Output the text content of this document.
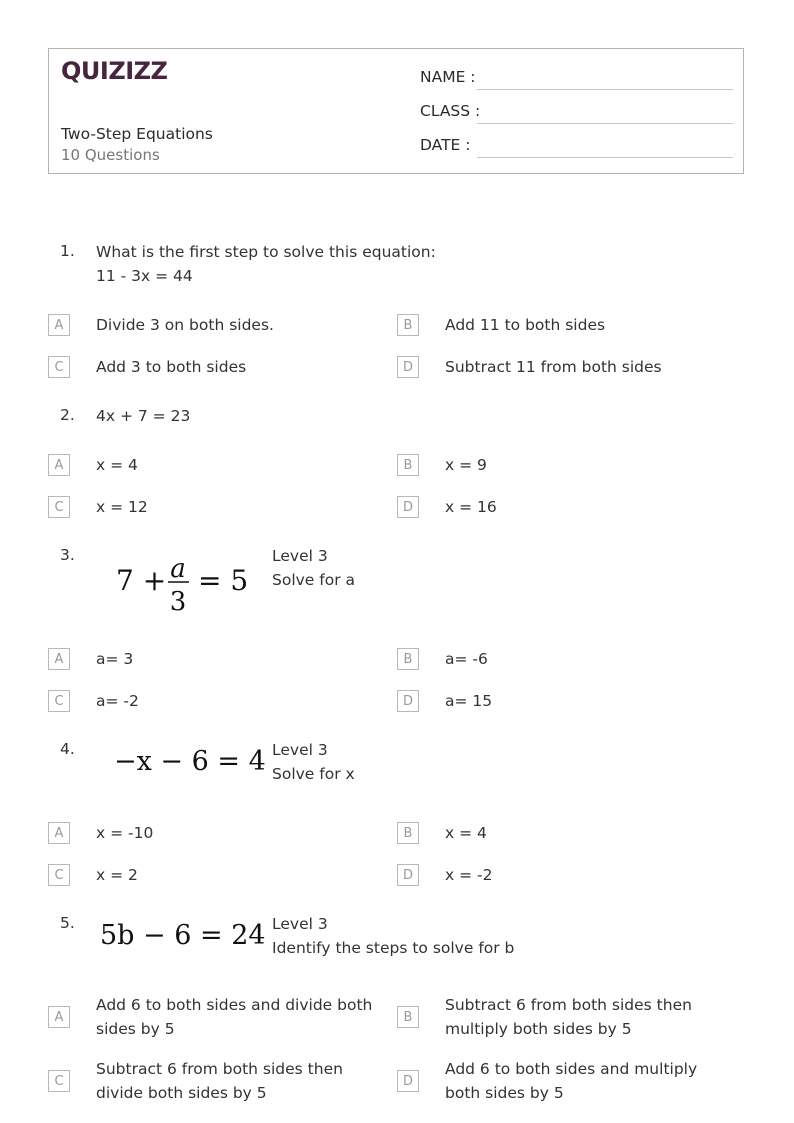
QUIZIZZ
Two-Step Equations
10 Questions
NAME :
CLASS :
DATE :
1. What is the first step to solve this equation:
11 - 3x = 44
A	Divide 3 on both sides.	B	Add 11 to both sides
C	Add 3 to both sides	D	Subtract 11 from both sides
2. 4x + 7 = 23
A	x = 4	B	x = 9
C	x = 12	D	x = 16
3.
7 + a
3
= 5
Level 3
Solve for a
A	a= 3	B	a= -6
C	a= -2	D	a= 15
4. −x − 6 = 4 Level 3
Solve for x
A	x = -10	B	x = 4
C	x = 2	D	x = -2
5. 5b − 6 = 24 Level 3
Identify the steps to solve for b
A
Add 6 to both sides and divide both sides by 5
B
Subtract 6 from both sides then multiply both sides by 5
C
Subtract 6 from both sides then divide both sides by 5
D
Add 6 to both sides and multiply both sides by 5
